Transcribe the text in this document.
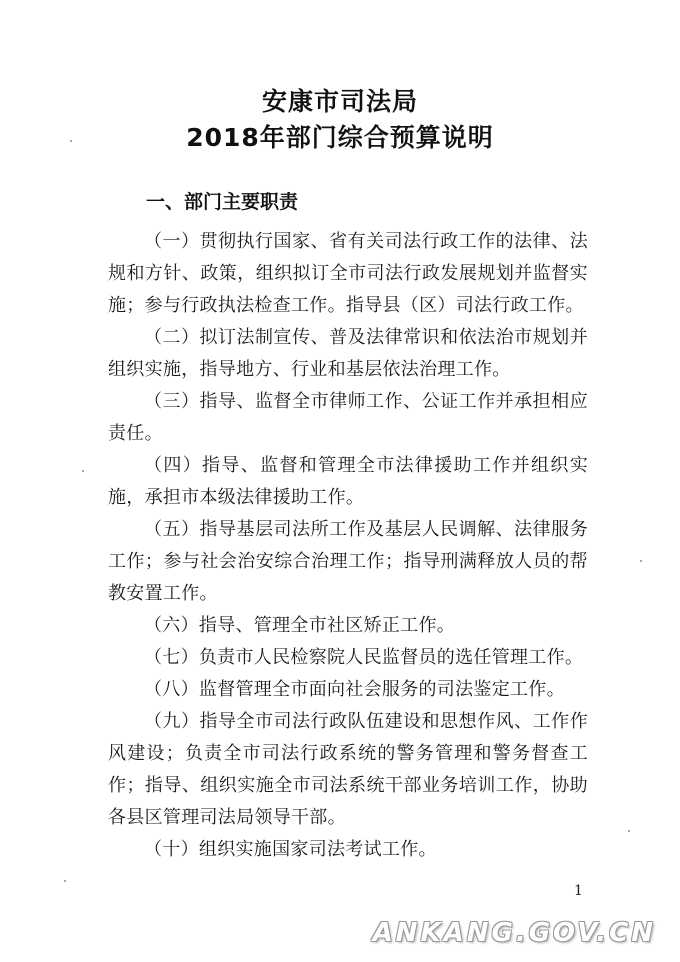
安康市司法局
2018年部门综合预算说明
一、部门主要职责

（一）贯彻执行国家、省有关司法行政工作的法律、法规和方针、政策，组织拟订全市司法行政发展规划并监督实施；参与行政执法检查工作。指导县（区）司法行政工作。

（二）拟订法制宣传、普及法律常识和依法治市规划并组织实施，指导地方、行业和基层依法治理工作。

（三）指导、监督全市律师工作、公证工作并承担相应责任。

（四）指导、监督和管理全市法律援助工作并组织实施，承担市本级法律援助工作。

（五）指导基层司法所工作及基层人民调解、法律服务工作；参与社会治安综合治理工作；指导刑满释放人员的帮教安置工作。

（六）指导、管理全市社区矫正工作。

（七）负责市人民检察院人民监督员的选任管理工作。

（八）监督管理全市面向社会服务的司法鉴定工作。

（九）指导全市司法行政队伍建设和思想作风、工作作风建设；负责全市司法行政系统的警务管理和警务督查工作；指导、组织实施全市司法系统干部业务培训工作，协助各县区管理司法局领导干部。

（十）组织实施国家司法考试工作。

1
ANKANG.GOV.CN
